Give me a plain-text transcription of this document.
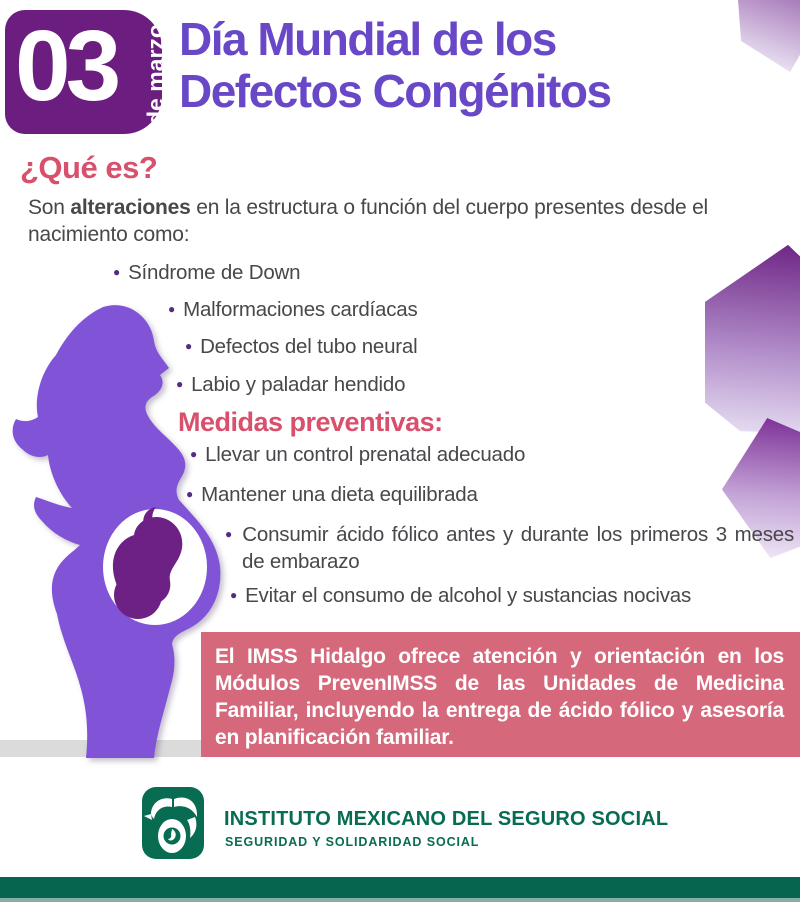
03 de marzo Día Mundial de los
Defectos Congénitos
¿Qué es?

Son alteraciones en la estructura o función del cuerpo presentes desde el nacimiento como:

● Síndrome de Down
● Malformaciones cardíacas
● Defectos del tubo neural
● Labio y paladar hendido
Medidas preventivas:
● Llevar un control prenatal adecuado
● Mantener una dieta equilibrada
● Consumir ácido fólico antes y durante los primeros 3 meses de embarazo
● Evitar el consumo de alcohol y sustancias nocivas
El IMSS Hidalgo ofrece atención y orientación en los Módulos PrevenIMSS de las Unidades de Medicina Familiar, incluyendo la entrega de ácido fólico y asesoría en planificación familiar.
INSTITUTO MEXICANO DEL SEGURO SOCIAL
SEGURIDAD Y SOLIDARIDAD SOCIAL
